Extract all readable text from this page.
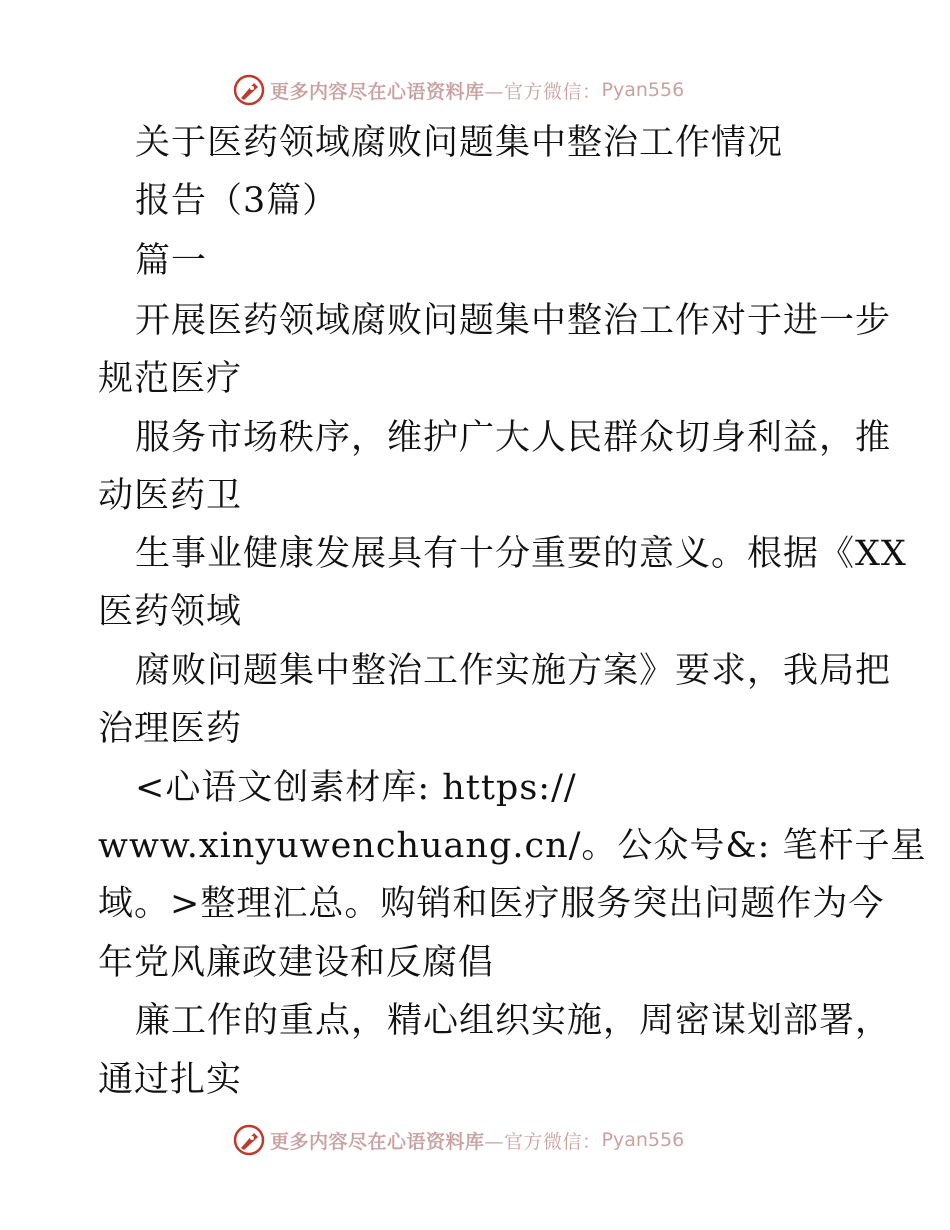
更多内容尽在心语资料库 —官方微信： Pyan556
关于医药领域腐败问题集中整治工作情况
报告（3篇）
篇一
开展医药领域腐败问题集中整治工作对于进一步
规范医疗
服务市场秩序，维护广大人民群众切身利益，推
动医药卫
生事业健康发展具有十分重要的意义。根据《XX
医药领域
腐败问题集中整治工作实施方案》要求，我局把
治理医药
<心语文创素材库: https://
www.xinyuwenchuang.cn/。公众号&: 笔杆子星
域。>整理汇总。购销和医疗服务突出问题作为今
年党风廉政建设和反腐倡
廉工作的重点，精心组织实施，周密谋划部署，
通过扎实
更多内容尽在心语资料库 —官方微信： Pyan556
